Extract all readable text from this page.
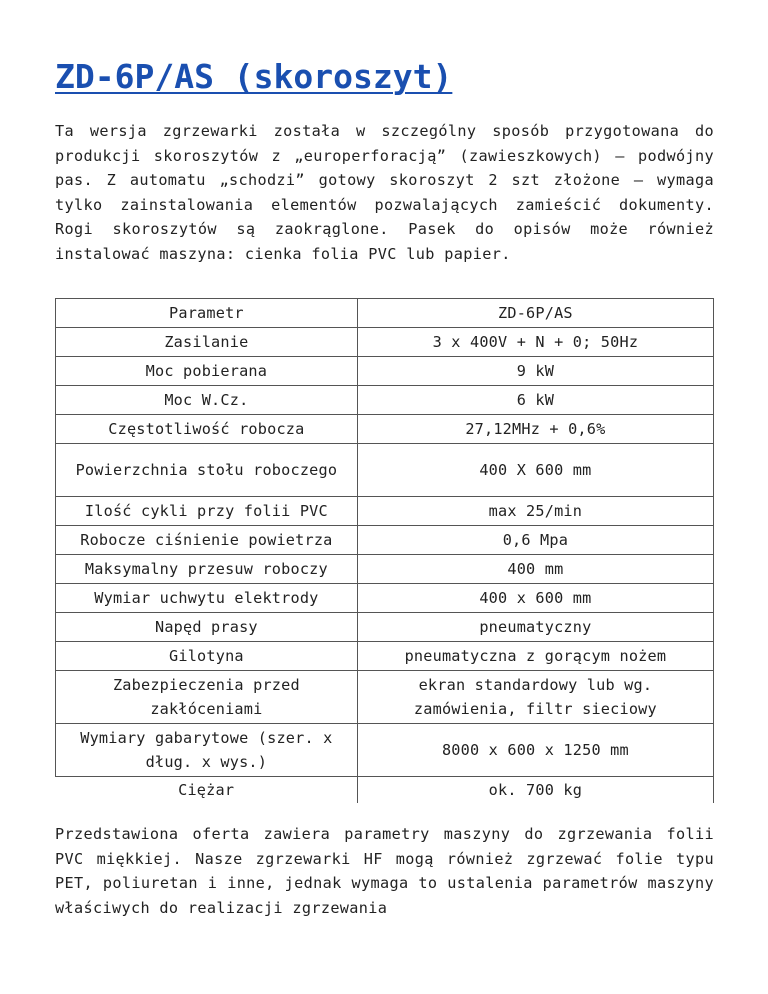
ZD-6P/AS (skoroszyt)

Ta wersja zgrzewarki została w szczególny sposób przygotowana do produkcji skoroszytów z „europerforacją” (zawieszkowych) – podwójny pas. Z automatu „schodzi” gotowy skoroszyt 2 szt złożone – wymaga tylko zainstalowania elementów pozwalających zamieścić dokumenty. Rogi skoroszytów są zaokrąglone. Pasek do opisów może również instalować maszyna: cienka folia PVC lub papier.

Parametr	ZD-6P/AS
Zasilanie	3 x 400V + N + 0; 50Hz
Moc pobierana	9 kW
Moc W.Cz.	6 kW
Częstotliwość robocza	27,12MHz + 0,6%
Powierzchnia stołu roboczego	400 X 600 mm
Ilość cykli przy folii PVC	max 25/min
Robocze ciśnienie powietrza	0,6 Mpa
Maksymalny przesuw roboczy	400 mm
Wymiar uchwytu elektrody	400 x 600 mm
Napęd prasy	pneumatyczny
Gilotyna	pneumatyczna z gorącym nożem
Zabezpieczenia przed zakłóceniami	ekran standardowy lub wg. zamówienia, filtr sieciowy
Wymiary gabarytowe (szer. x dług. x wys.)	8000 x 600 x 1250 mm
Ciężar	ok. 700 kg

Przedstawiona oferta zawiera parametry maszyny do zgrzewania folii PVC miękkiej. Nasze zgrzewarki HF mogą również zgrzewać folie typu PET, poliuretan i inne, jednak wymaga to ustalenia parametrów maszyny właściwych do realizacji zgrzewania
